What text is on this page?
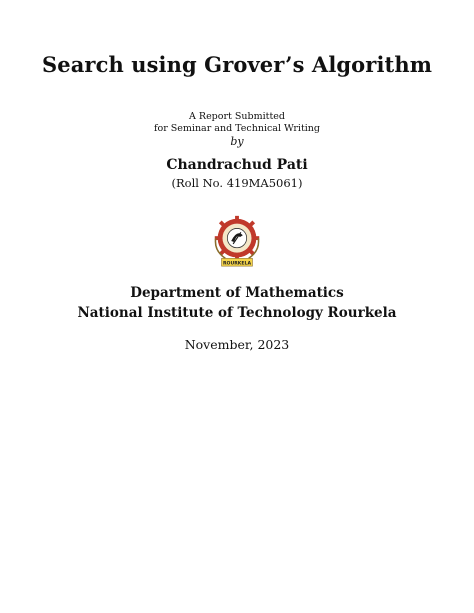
Search using Grover’s Algorithm
A Report Submitted
for Seminar and Technical Writing
by
Chandrachud Pati
(Roll No. 419MA5061)
ROURKELA
Department of Mathematics
National Institute of Technology Rourkela
November, 2023
